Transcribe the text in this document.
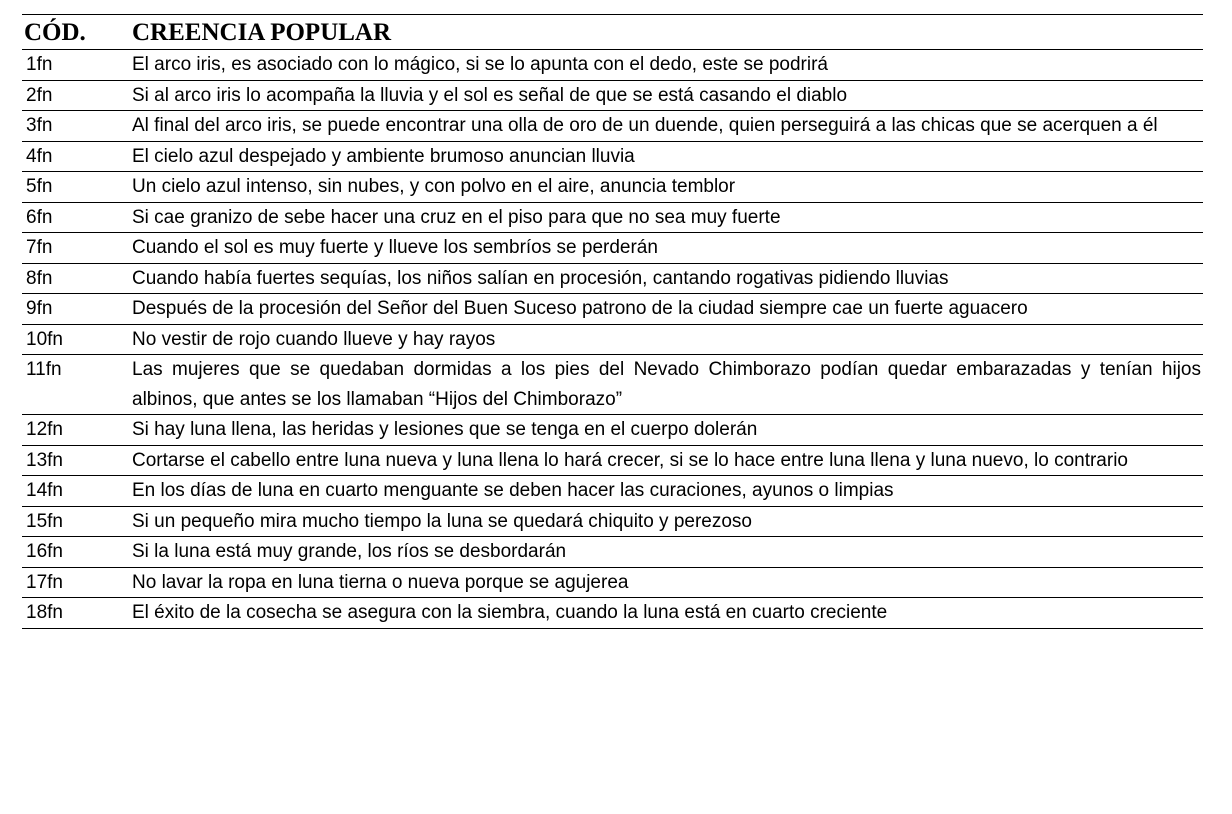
CÓD.	CREENCIA POPULAR
1fn	El arco iris, es asociado con lo mágico, si se lo apunta con el dedo, este se podrirá
2fn	Si al arco iris lo acompaña la lluvia y el sol es señal de que se está casando el diablo
3fn	Al final del arco iris, se puede encontrar una olla de oro de un duende, quien perseguirá a las chicas que se acerquen a él
4fn	El cielo azul despejado y ambiente brumoso anuncian lluvia
5fn	Un cielo azul intenso, sin nubes, y con polvo en el aire, anuncia temblor
6fn	Si cae granizo de sebe hacer una cruz en el piso para que no sea muy fuerte
7fn	Cuando el sol es muy fuerte y llueve los sembríos se perderán
8fn	Cuando había fuertes sequías, los niños salían en procesión, cantando rogativas pidiendo lluvias
9fn	Después de la procesión del Señor del Buen Suceso patrono de la ciudad siempre cae un fuerte aguacero
10fn	No vestir de rojo cuando llueve y hay rayos
11fn	Las mujeres que se quedaban dormidas a los pies del Nevado Chimborazo podían quedar embarazadas y tenían hijos albinos, que antes se los llamaban “Hijos del Chimborazo”
12fn	Si hay luna llena, las heridas y lesiones que se tenga en el cuerpo dolerán
13fn	Cortarse el cabello entre luna nueva y luna llena lo hará crecer, si se lo hace entre luna llena y luna nuevo, lo contrario
14fn	En los días de luna en cuarto menguante se deben hacer las curaciones, ayunos o limpias
15fn	Si un pequeño mira mucho tiempo la luna se quedará chiquito y perezoso
16fn	Si la luna está muy grande, los ríos se desbordarán
17fn	No lavar la ropa en luna tierna o nueva porque se agujerea
18fn	El éxito de la cosecha se asegura con la siembra, cuando la luna está en cuarto creciente
